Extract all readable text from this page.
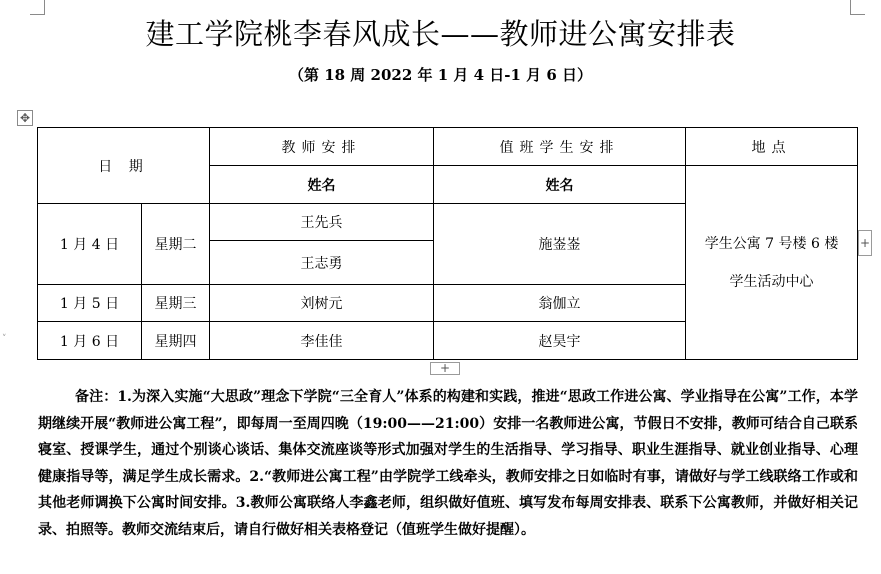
建工学院桃李春风成长——教师进公寓安排表
（第 18 周 2022 年 1 月 4 日-1 月 6 日）
✥
日 期		教师安排	值班学生安排	地点
		姓名	姓名	学生公寓 7 号楼 6 楼
学生活动中心

1 月 4 日	星期二	王先兵	施崟崟	
		王志勇		
1 月 5 日	星期三	刘树元	翁伽立	
1 月 6 日	星期四	李佳佳	赵昊宇	
+
+
˅
备注：1.为深入实施“大思政”理念下学院“三全育人”体系的构建和实践，推进“思政工作进公寓、学业指导在公寓”工作，本学期继续开展“教师进公寓工程”，即每周一至周四晚（19:00——21:00）安排一名教师进公寓，节假日不安排，教师可结合自己联系寝室、授课学生，通过个别谈心谈话、集体交流座谈等形式加强对学生的生活指导、学习指导、职业生涯指导、就业创业指导、心理健康指导等，满足学生成长需求。2.“教师进公寓工程”由学院学工线牵头，教师安排之日如临时有事，请做好与学工线联络工作或和其他老师调换下公寓时间安排。3.教师公寓联络人李鑫老师，组织做好值班、填写发布每周安排表、联系下公寓教师，并做好相关记录、拍照等。教师交流结束后，请自行做好相关表格登记（值班学生做好提醒）。
